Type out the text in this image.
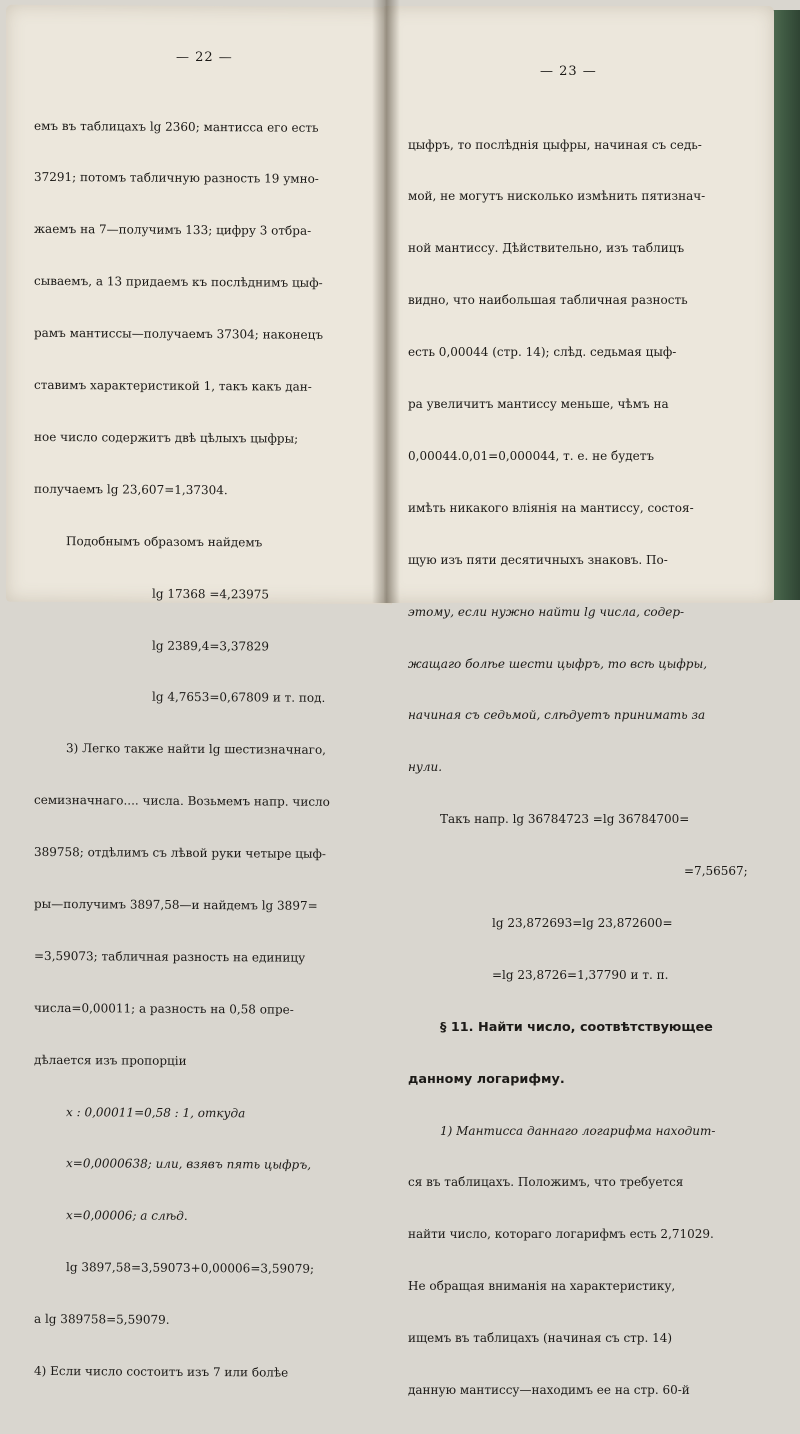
— 22 —

емъ въ таблицахъ lg 2360; мантисса его есть

37291; потомъ табличную разность 19 умно-

жаемъ на 7—получимъ 133; цифру 3 отбра-

сываемъ, а 13 придаемъ къ послѣднимъ цыф-

рамъ мантиссы—получаемъ 37304; наконецъ

ставимъ характеристикой 1, такъ какъ дан-

ное число содержитъ двѣ цѣлыхъ цыфры;

получаемъ lg 23,607=1,37304.

Подобнымъ образомъ найдемъ

lg 17368 =4,23975

lg 2389,4=3,37829

lg 4,7653=0,67809 и т. под.

3) Легко также найти lg шестизначнаго,

семизначнаго.... числа. Возьмемъ напр. число

389758; отдѣлимъ съ лѣвой руки четыре цыф-

ры—получимъ 3897,58—и найдемъ lg 3897=

=3,59073; табличная разность на единицу

числа=0,00011; а разность на 0,58 опре-

дѣлается изъ пропорціи

x : 0,00011=0,58 : 1, откуда

x=0,0000638; или, взявъ пять цыфръ,

x=0,00006; а слѣд.

lg 3897,58=3,59073+0,00006=3,59079;

а lg 389758=5,59079.

4) Если число состоитъ изъ 7 или болѣе

— 23 —

цыфръ, то послѣднія цыфры, начиная съ седь-

мой, не могутъ нисколько измѣнить пятизнач-

ной мантиссу. Дѣйствительно, изъ таблицъ

видно, что наибольшая табличная разность

есть 0,00044 (стр. 14); слѣд. седьмая цыф-

ра увеличитъ мантиссу меньше, чѣмъ на

0,00044.0,01=0,000044, т. е. не будетъ

имѣть никакого вліянія на мантиссу, состоя-

щую изъ пяти десятичныхъ знаковъ. По-

этому, если нужно найти lg числа, содер-

жащаго болѣе шести цыфръ, то всѣ цыфры,

начиная съ седьмой, слѣдуетъ принимать за

нули.

Такъ напр. lg 36784723 =lg 36784700=

=7,56567;

lg 23,872693=lg 23,872600=

=lg 23,8726=1,37790 и т. п.

§ 11. Найти число, соотвѣтствующее

данному логарифму.

1) Мантисса даннаго логарифма находит-

ся въ таблицахъ. Положимъ, что требуется

найти число, котораго логарифмъ есть 2,71029.

Не обращая вниманія на характеристику,

ищемъ въ таблицахъ (начиная съ стр. 14)

данную мантиссу—находимъ ее на стр. 60-й
